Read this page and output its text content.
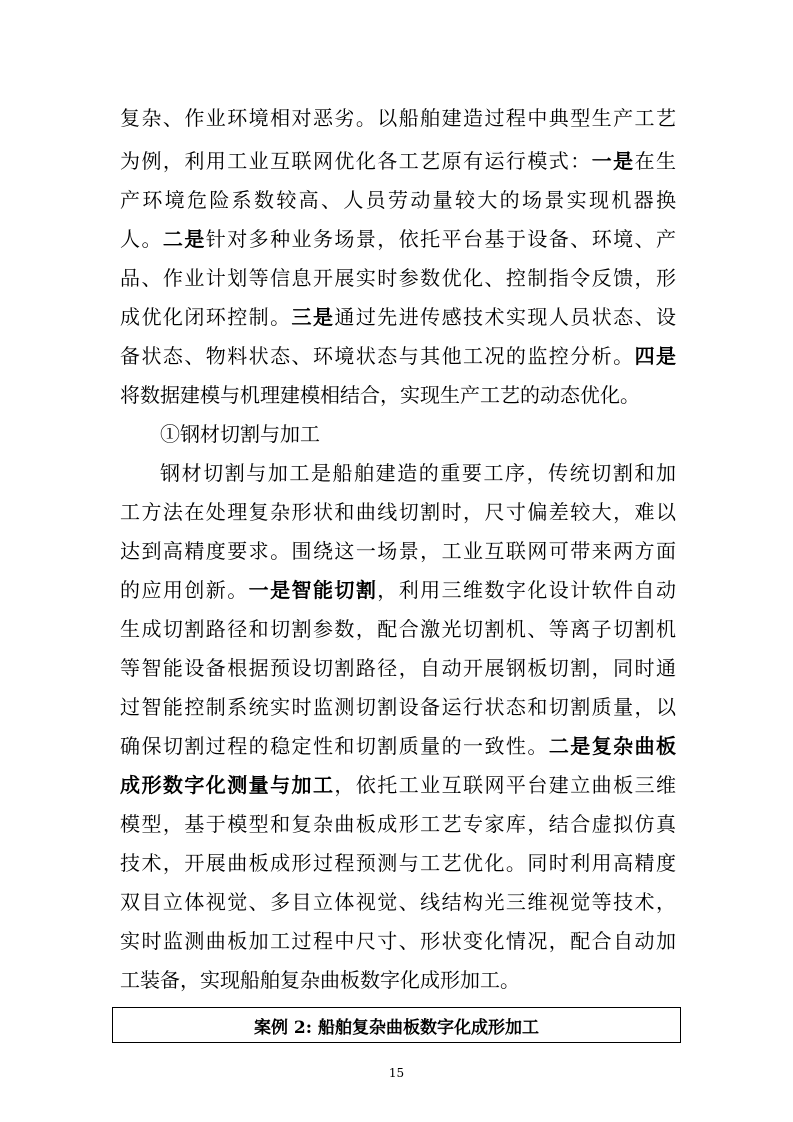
复杂、作业环境相对恶劣。以船舶建造过程中典型生产工艺
为例，利用工业互联网优化各工艺原有运行模式：一是在生
产环境危险系数较高、人员劳动量较大的场景实现机器换
人。二是针对多种业务场景，依托平台基于设备、环境、产
品、作业计划等信息开展实时参数优化、控制指令反馈，形
成优化闭环控制。三是通过先进传感技术实现人员状态、设
备状态、物料状态、环境状态与其他工况的监控分析。四是
将数据建模与机理建模相结合，实现生产工艺的动态优化。
①钢材切割与加工
钢材切割与加工是船舶建造的重要工序，传统切割和加
工方法在处理复杂形状和曲线切割时，尺寸偏差较大，难以
达到高精度要求。围绕这一场景，工业互联网可带来两方面
的应用创新。一是智能切割，利用三维数字化设计软件自动
生成切割路径和切割参数，配合激光切割机、等离子切割机
等智能设备根据预设切割路径，自动开展钢板切割，同时通
过智能控制系统实时监测切割设备运行状态和切割质量，以
确保切割过程的稳定性和切割质量的一致性。二是复杂曲板
成形数字化测量与加工，依托工业互联网平台建立曲板三维
模型，基于模型和复杂曲板成形工艺专家库，结合虚拟仿真
技术，开展曲板成形过程预测与工艺优化。同时利用高精度
双目立体视觉、多目立体视觉、线结构光三维视觉等技术，
实时监测曲板加工过程中尺寸、形状变化情况，配合自动加
工装备，实现船舶复杂曲板数字化成形加工。
案例 2: 船舶复杂曲板数字化成形加工
15
